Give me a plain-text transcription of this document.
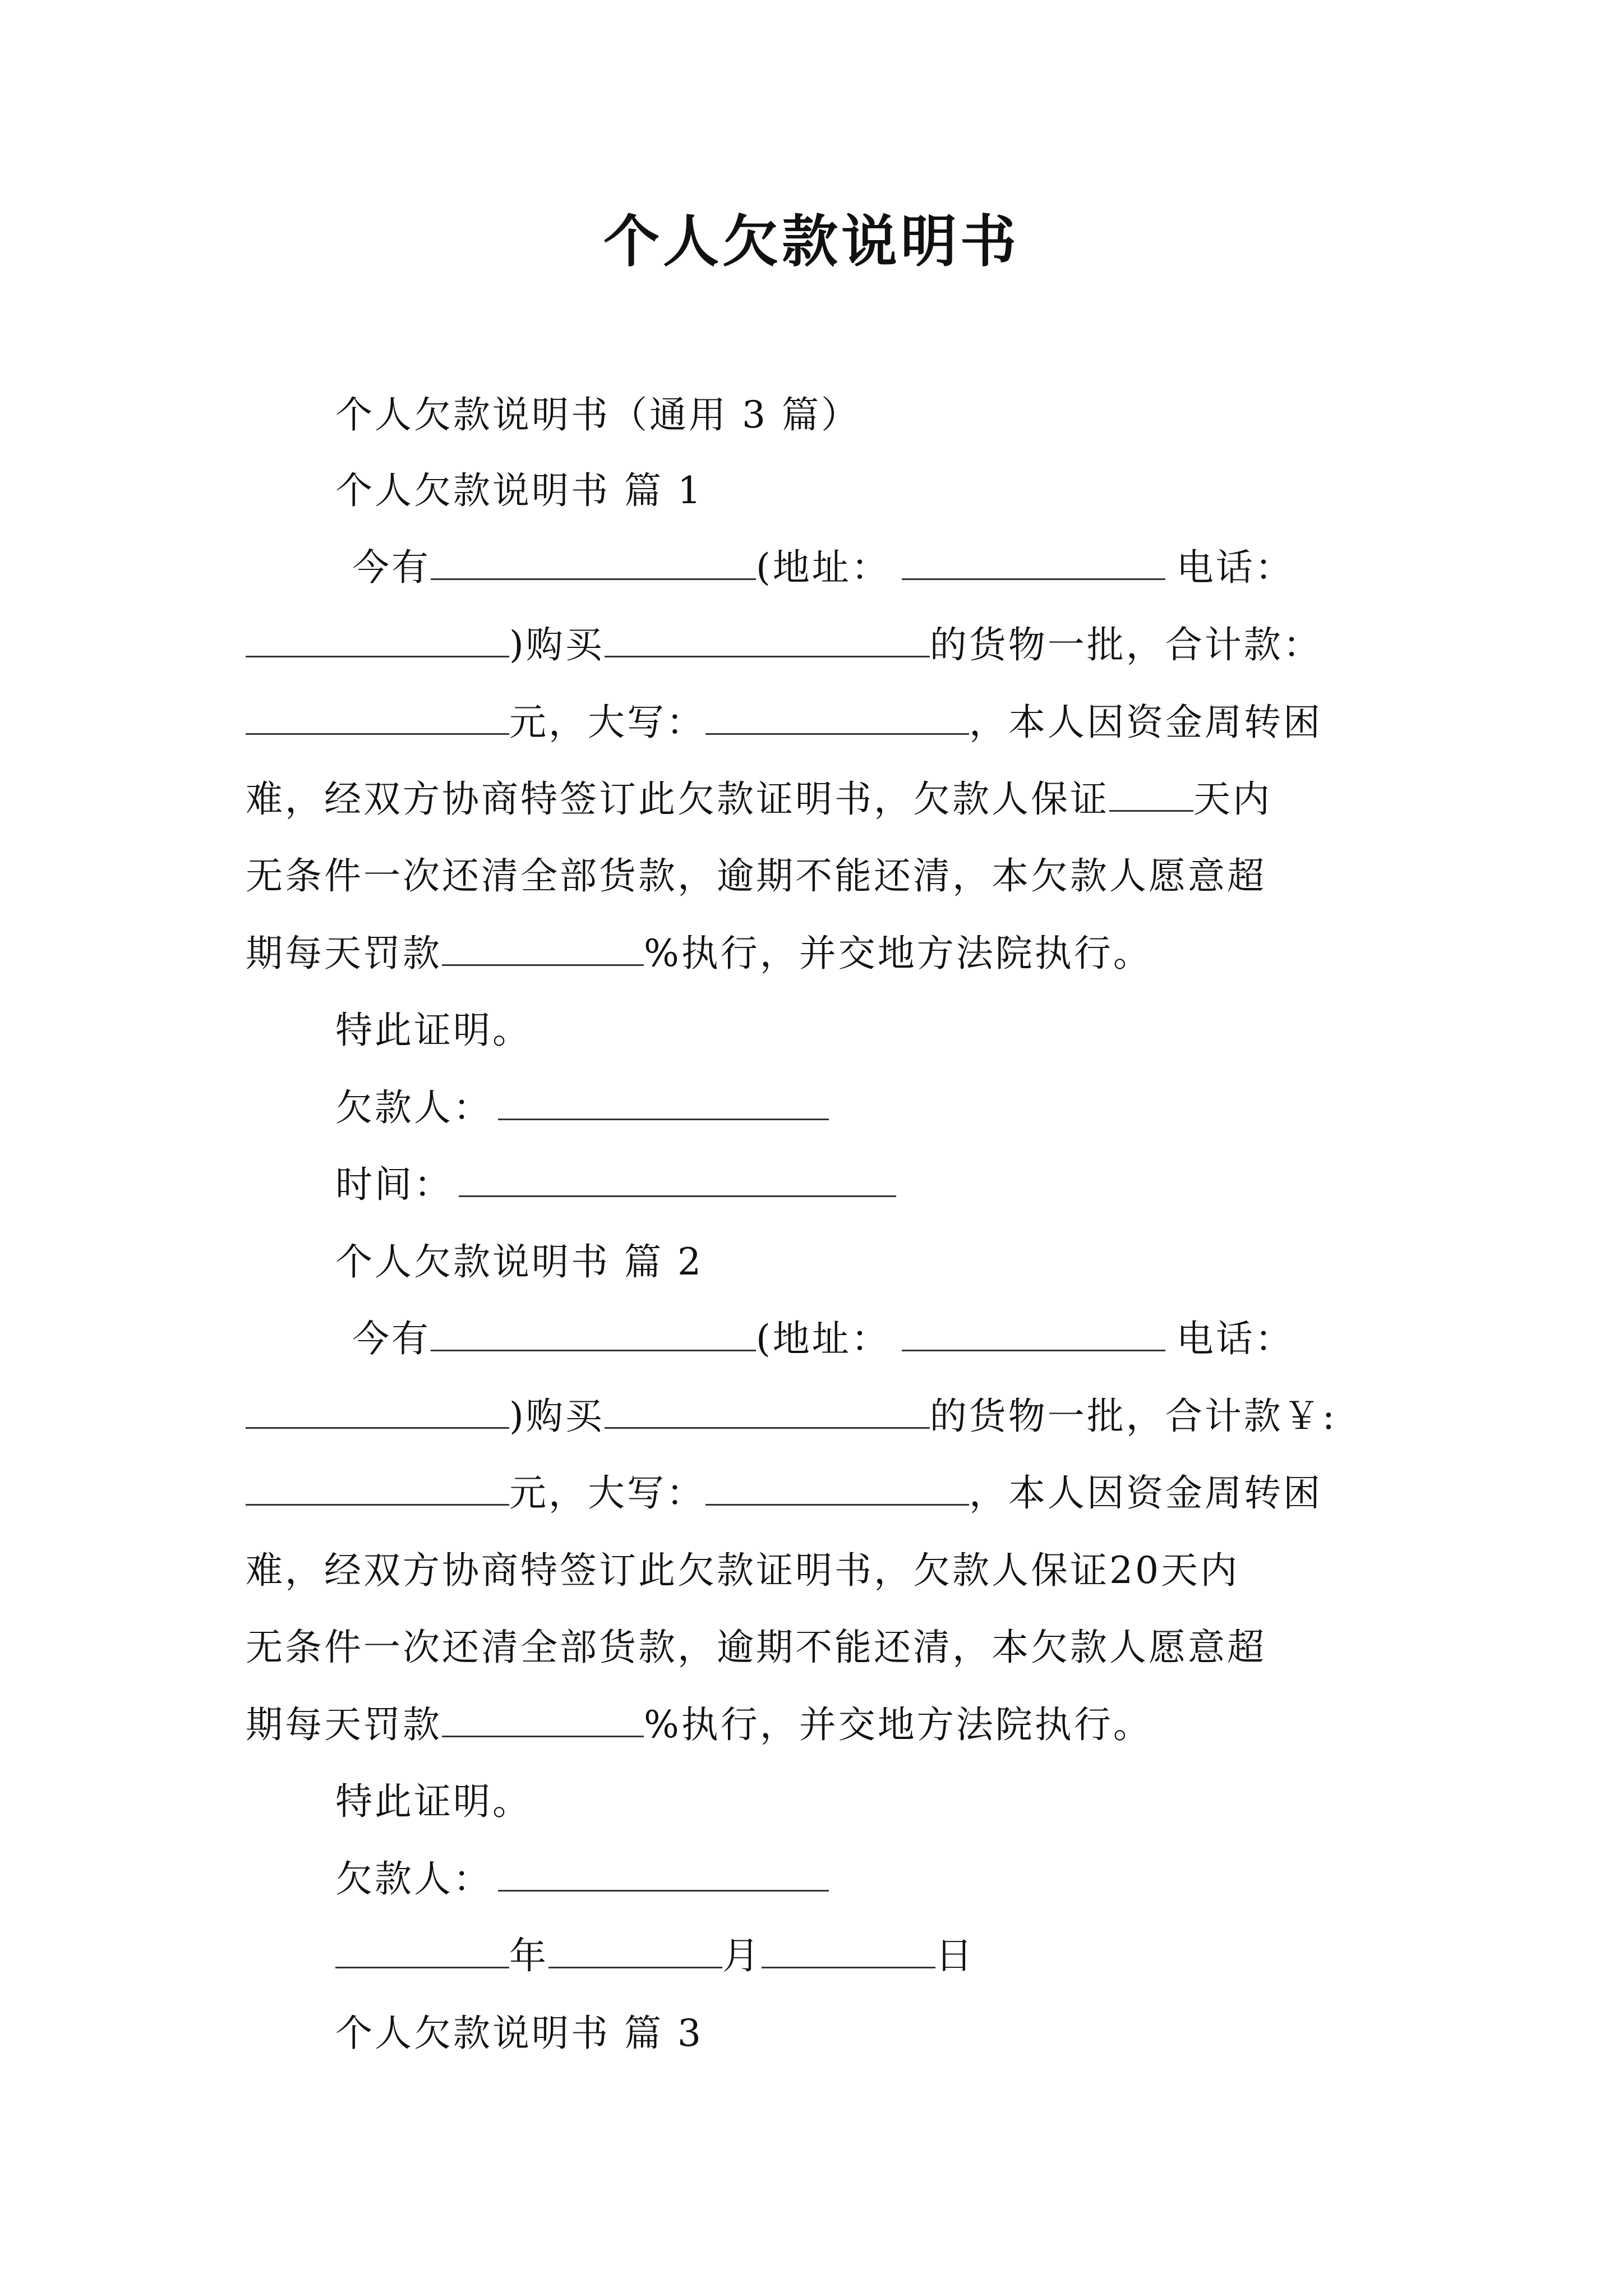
个人欠款说明书
个人欠款说明书（通用 3 篇）
个人欠款说明书 篇 1
今有	(地址：	电话：
)购买	的货物一批，合计款：
元，大写：	，本人因资金周转困
难，经双方协商特签订此欠款证明书，欠款人保证 天内
无条件一次还清全部货款，逾期不能还清，本欠款人愿意超
期每天罚款	%执行，并交地方法院执行。
特此证明。
欠款人：
时间：
个人欠款说明书 篇 2
今有	(地址：	电话：
)购买	的货物一批，合计款￥:
元，大写：	，本人因资金周转困
难，经双方协商特签订此欠款证明书，欠款人保证20天内
无条件一次还清全部货款，逾期不能还清，本欠款人愿意超
期每天罚款	%执行，并交地方法院执行。
特此证明。
欠款人：
年	月	日
个人欠款说明书 篇 3
